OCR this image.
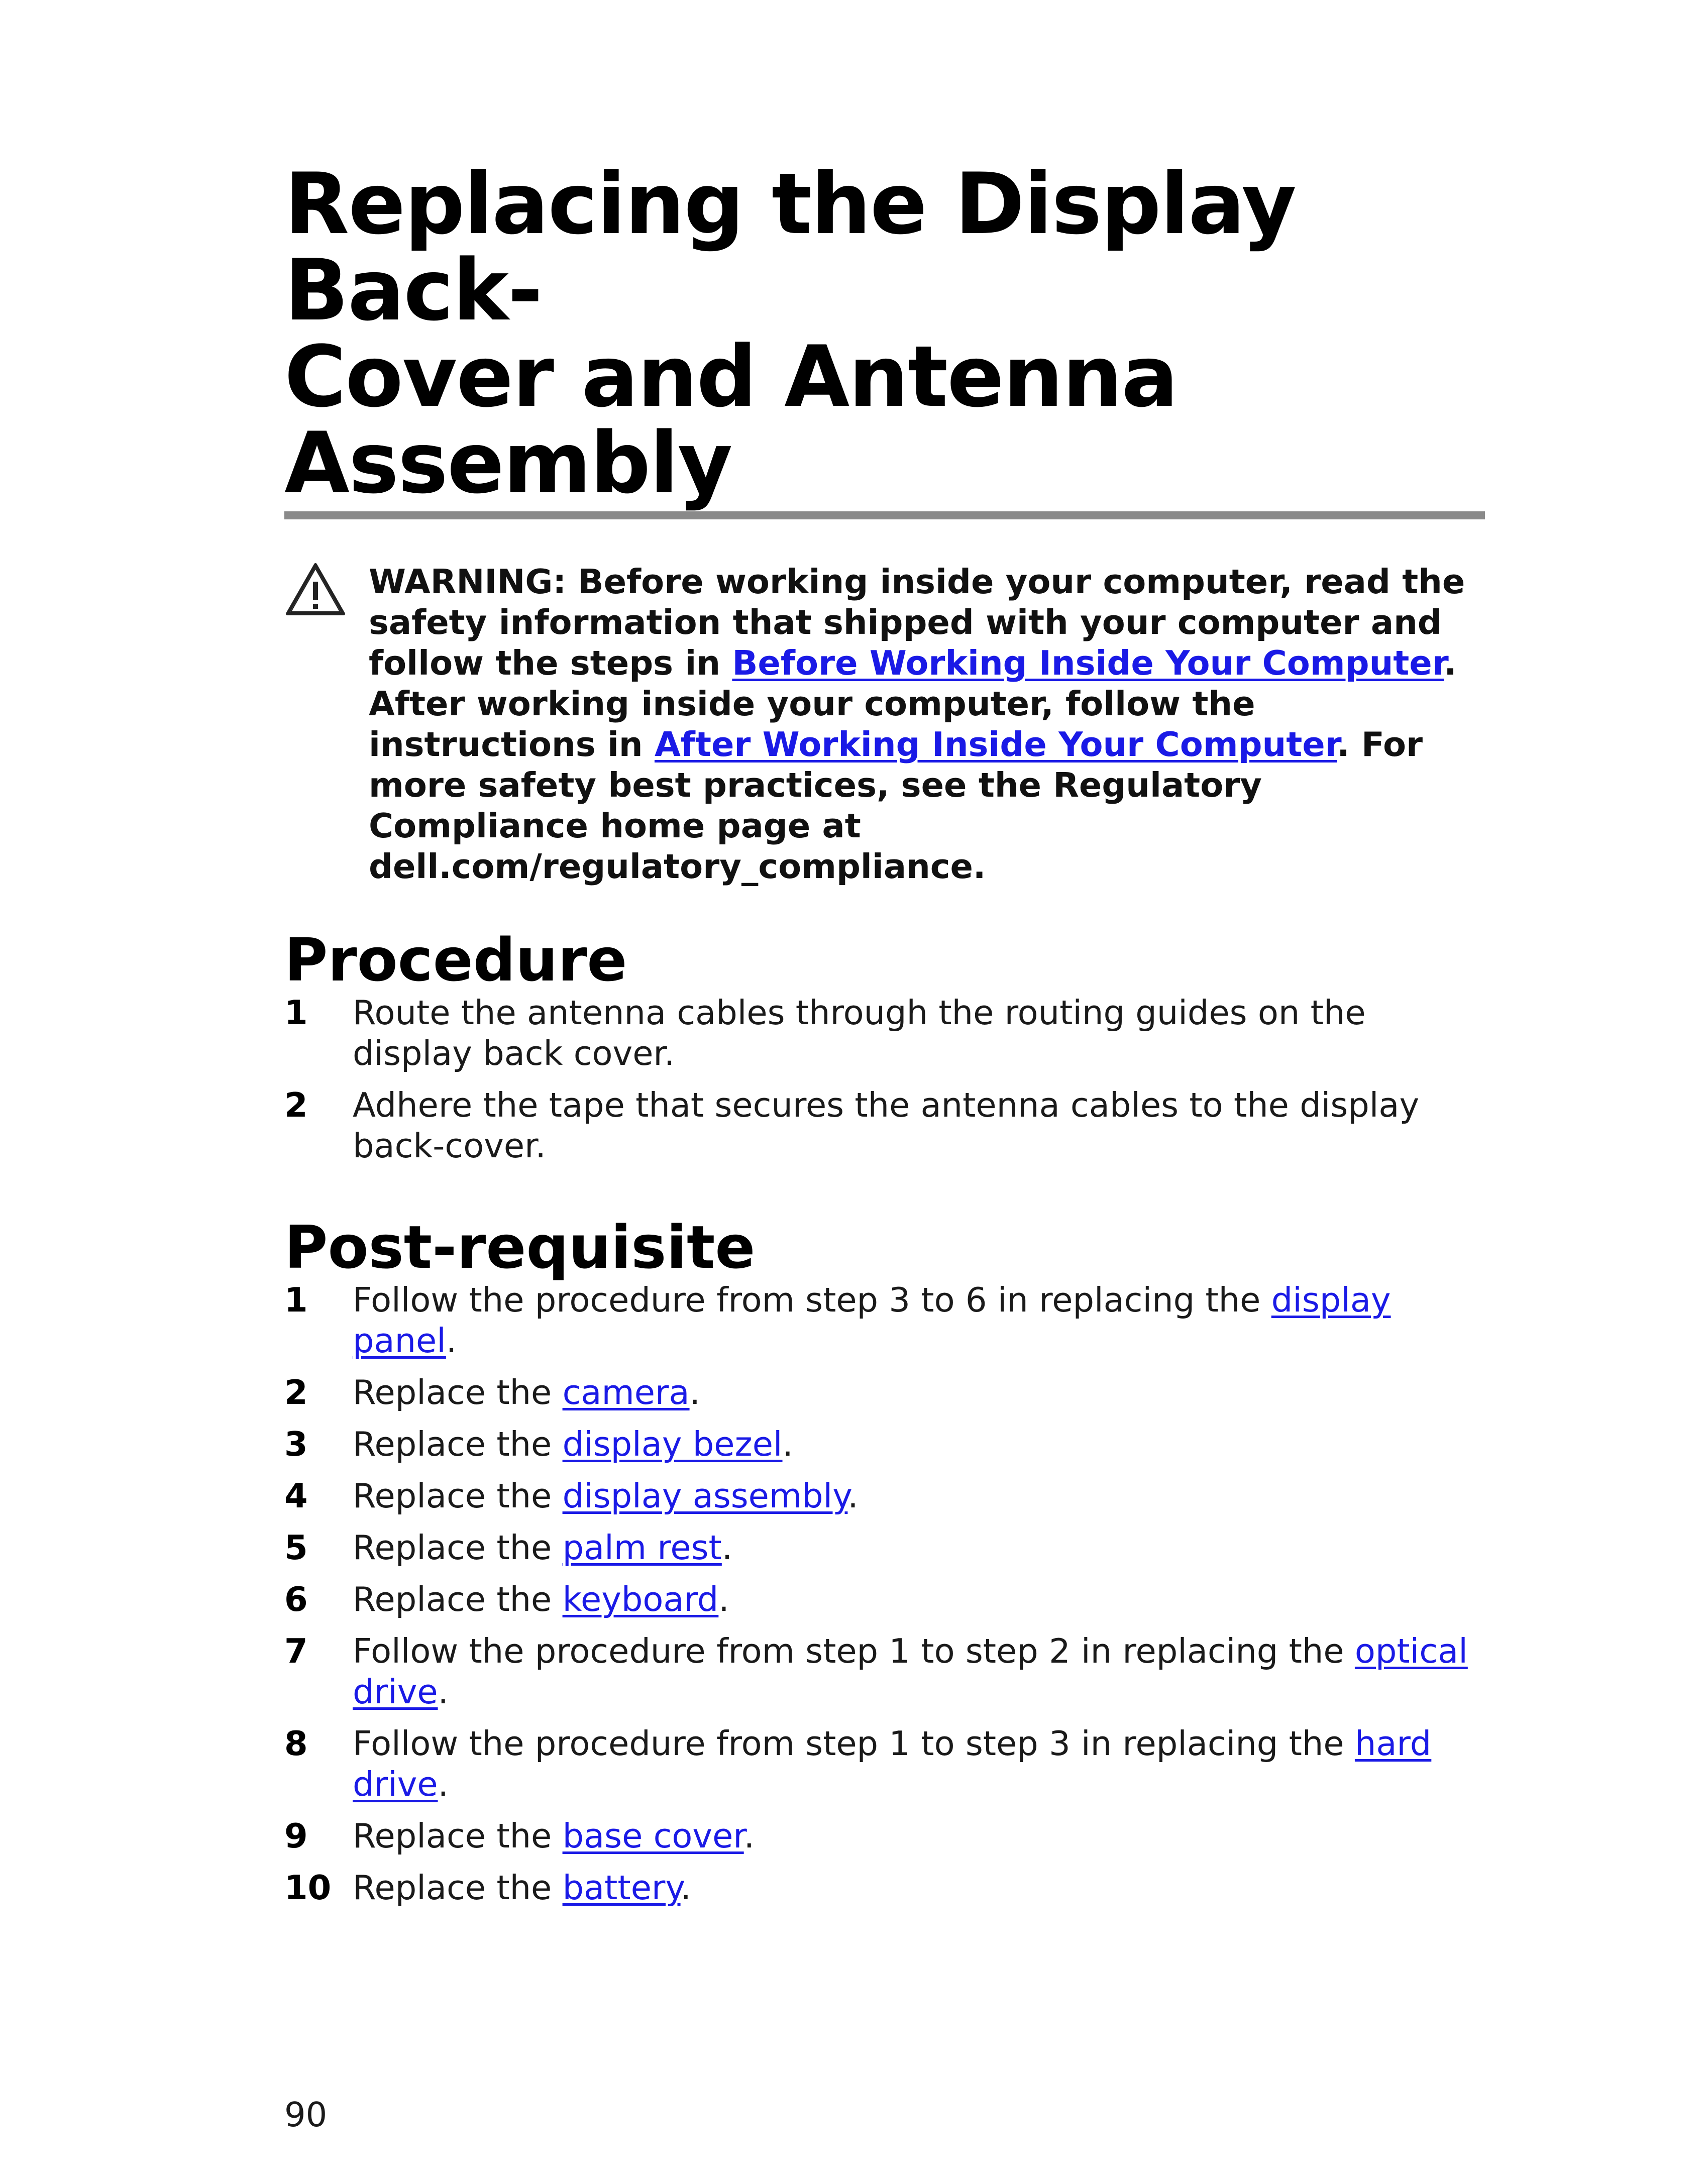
Replacing the Display Back-
Cover and Antenna Assembly
WARNING: Before working inside your computer, read the safety information that shipped with your computer and follow the steps in Before Working Inside Your Computer. After working inside your computer, follow the instructions in After Working Inside Your Computer. For more safety best practices, see the Regulatory Compliance home page at dell.com/regulatory_compliance.
Procedure
1 Route the antenna cables through the routing guides on the display back cover.
2 Adhere the tape that secures the antenna cables to the display back-cover.
Post-requisite
1 Follow the procedure from step 3 to 6 in replacing the display panel.
2 Replace the camera.
3 Replace the display bezel.
4 Replace the display assembly.
5 Replace the palm rest.
6 Replace the keyboard.
7 Follow the procedure from step 1 to step 2 in replacing the optical drive.
8 Follow the procedure from step 1 to step 3 in replacing the hard drive.
9 Replace the base cover.
10 Replace the battery.
90
